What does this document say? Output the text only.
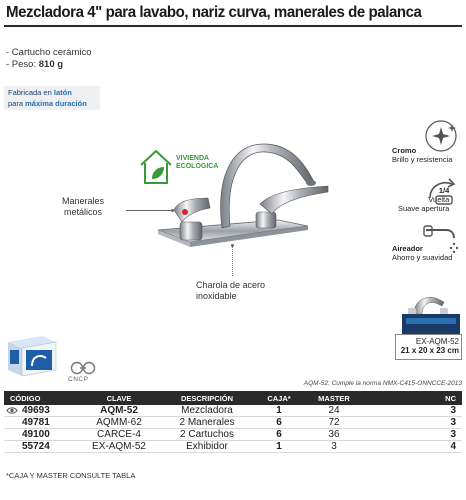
Mezcladora 4" para lavabo, nariz curva, manerales de palanca
- Cartucho cerámico
- Peso: 810 g
Fabricada en latón
para máxima duración
VIVIENDA
ECOLÓGICA
Manerales
metálicos
Charola de acero
inoxidable
Cromo
Brillo y resistencia
1/4
Vuelta
Suave apertura
Aireador
Ahorro y suavidad
EX-AQM-52
21 x 20 x 23 cm
CNCP
AQM-52: Cumple la norma NMX-C415-ONNCCE-2013
CÓDIGO	CLAVE	DESCRIPCIÓN	CAJA*	MASTER	NC

49693	AQM-52	Mezcladora	1	24	3
49781	AQMM-62	2 Manerales	6	72	3
49100	CARCE-4	2 Cartuchos	6	36	3
55724	EX-AQM-52	Exhibidor	1	3	4
*CAJA Y MASTER CONSULTE TABLA
